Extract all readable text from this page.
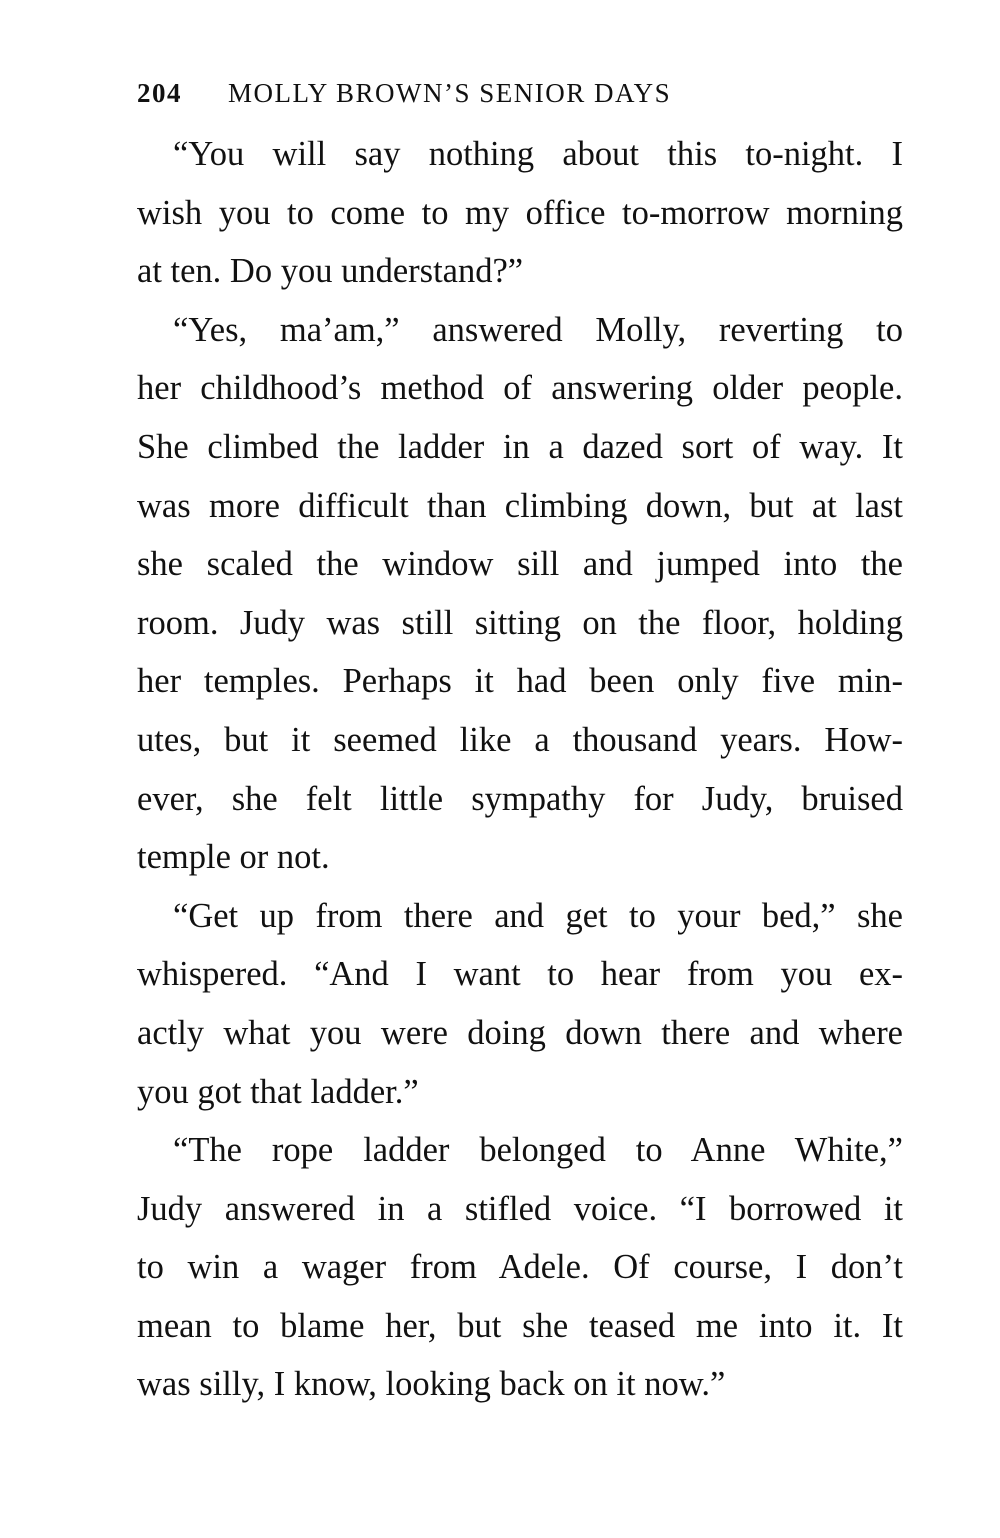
204 MOLLY BROWN’S SENIOR DAYS
“You will say nothing about this to-night. I
wish you to come to my office to-morrow morning
at ten. Do you understand?”
“Yes, ma’am,” answered Molly, reverting to
her childhood’s method of answering older people.
She climbed the ladder in a dazed sort of way. It
was more difficult than climbing down, but at last
she scaled the window sill and jumped into the
room. Judy was still sitting on the floor, holding
her temples. Perhaps it had been only five min-
utes, but it seemed like a thousand years. How-
ever, she felt little sympathy for Judy, bruised
temple or not.
“Get up from there and get to your bed,” she
whispered. “And I want to hear from you ex-
actly what you were doing down there and where
you got that ladder.”
“The rope ladder belonged to Anne White,”
Judy answered in a stifled voice. “I borrowed it
to win a wager from Adele. Of course, I don’t
mean to blame her, but she teased me into it. It
was silly, I know, looking back on it now.”
